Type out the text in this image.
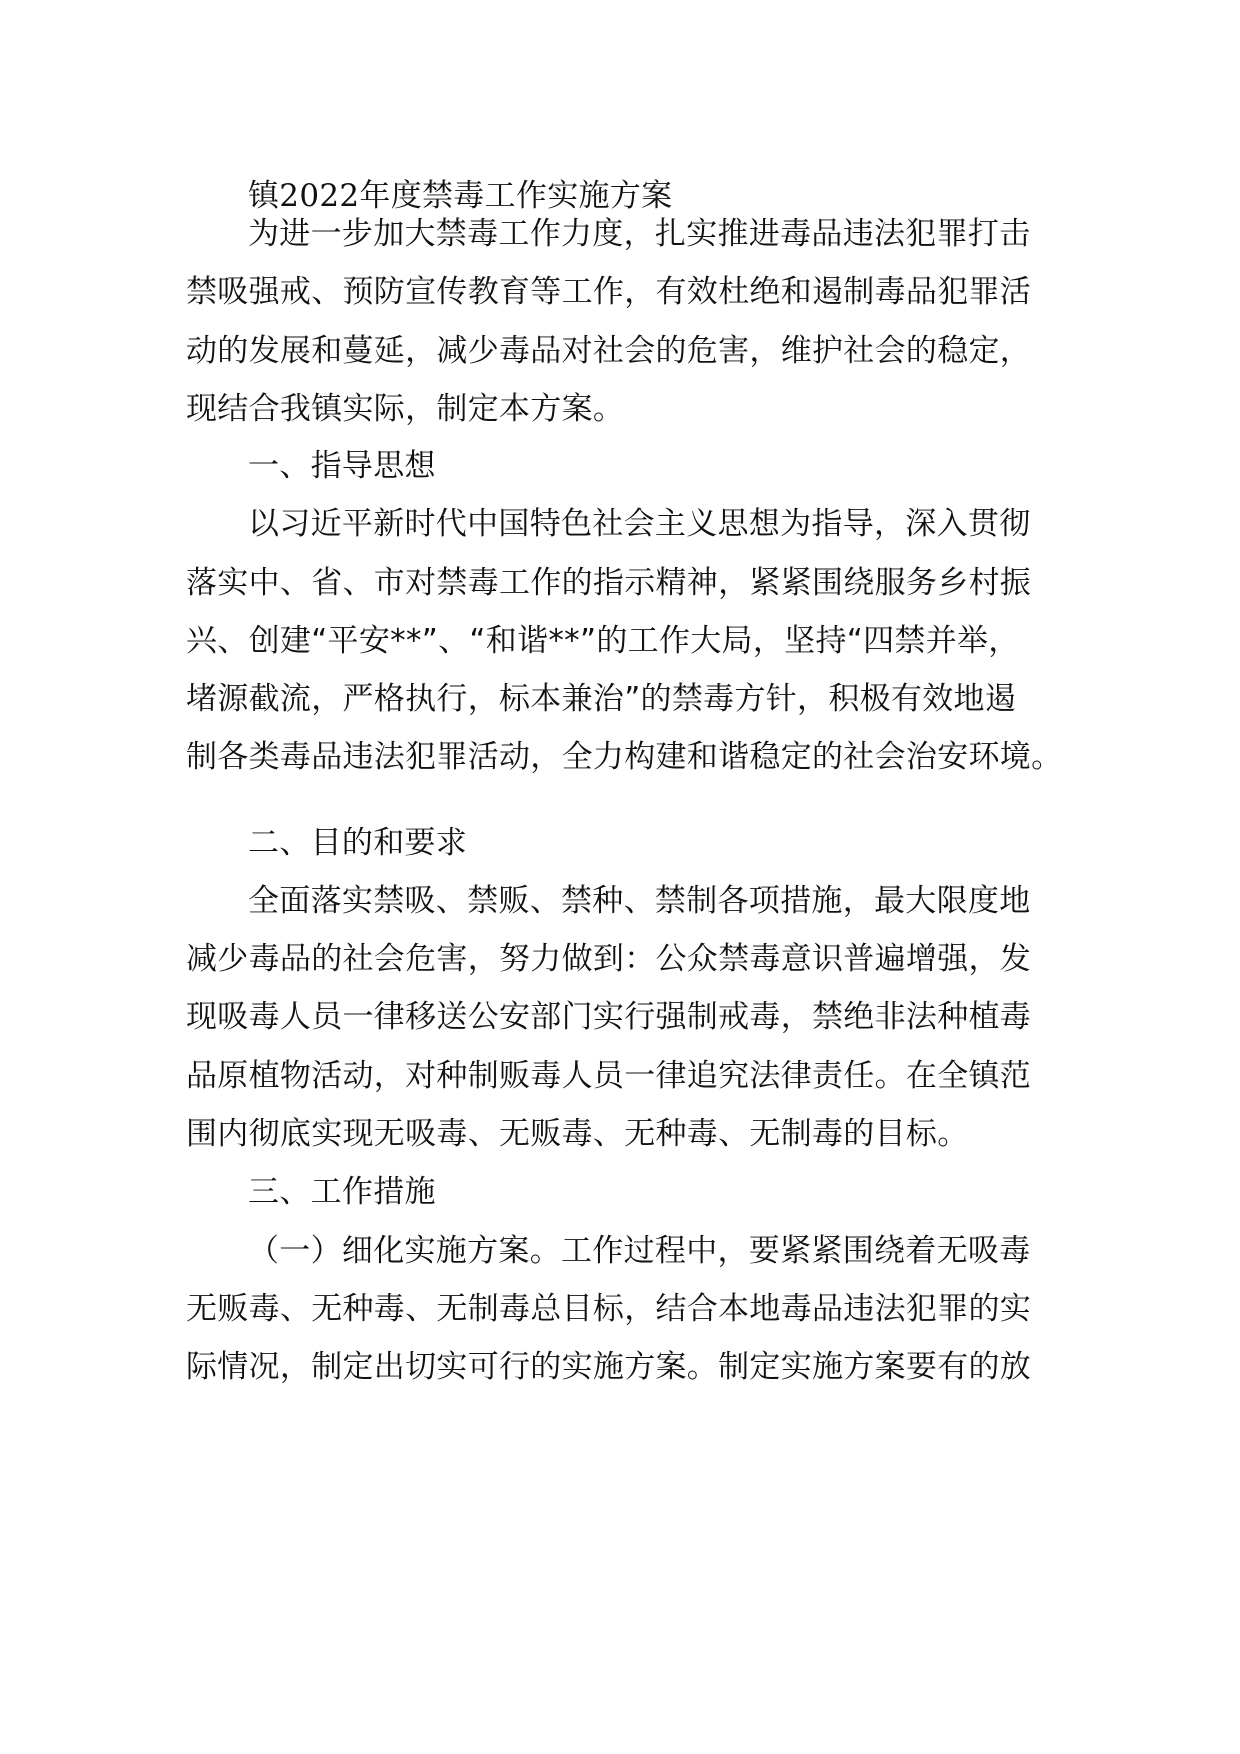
镇2022年度禁毒工作实施方案
为进一步加大禁毒工作力度，扎实推进毒品违法犯罪打击
禁吸强戒、预防宣传教育等工作，有效杜绝和遏制毒品犯罪活
动的发展和蔓延，减少毒品对社会的危害，维护社会的稳定，
现结合我镇实际，制定本方案。
一、指导思想
以习近平新时代中国特色社会主义思想为指导，深入贯彻
落实中、省、市对禁毒工作的指示精神，紧紧围绕服务乡村振
兴、创建“平安**”、“和谐**”的工作大局，坚持“四禁并举，
堵源截流，严格执行，标本兼治”的禁毒方针，积极有效地遏
制各类毒品违法犯罪活动，全力构建和谐稳定的社会治安环境。
二、目的和要求
全面落实禁吸、禁贩、禁种、禁制各项措施，最大限度地
减少毒品的社会危害，努力做到：公众禁毒意识普遍增强，发
现吸毒人员一律移送公安部门实行强制戒毒，禁绝非法种植毒
品原植物活动，对种制贩毒人员一律追究法律责任。在全镇范
围内彻底实现无吸毒、无贩毒、无种毒、无制毒的目标。
三、工作措施
（一）细化实施方案。工作过程中，要紧紧围绕着无吸毒
无贩毒、无种毒、无制毒总目标，结合本地毒品违法犯罪的实
际情况，制定出切实可行的实施方案。制定实施方案要有的放
